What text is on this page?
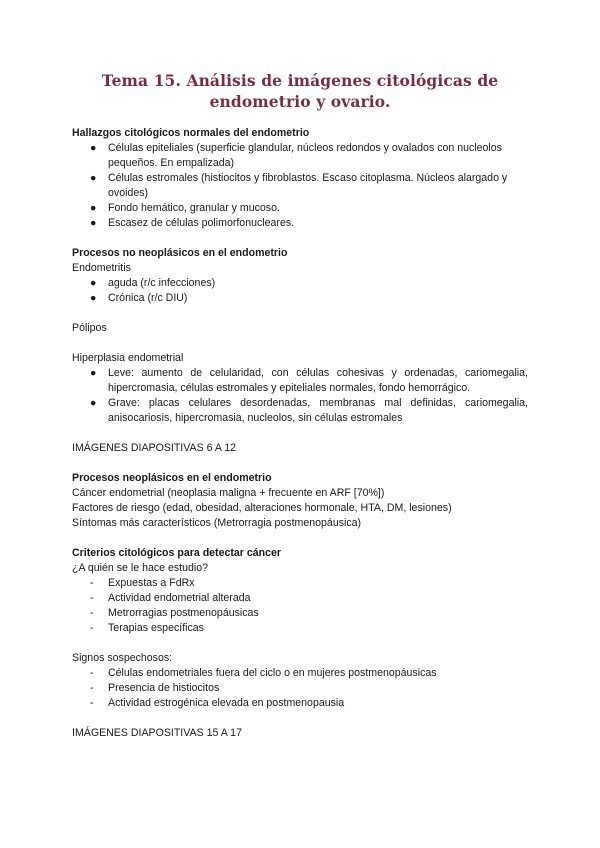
Tema 15. Análisis de imágenes citológicas de endometrio y ovario.

Hallazgos citológicos normales del endometrio

● Células epiteliales (superficie glandular, núcleos redondos y ovalados con nucleolos pequeños. En empalizada)
● Células estromales (histiocitos y fibroblastos. Escaso citoplasma. Núcleos alargado y ovoides)
● Fondo hemático, granular y mucoso.
● Escasez de células polimorfonucleares.

Procesos no neoplásicos en el endometrio

Endometritis

● aguda (r/c infecciones)
● Crónica (r/c DIU)

Pólipos

Hiperplasia endometrial

● Leve: aumento de celularidad, con células cohesivas y ordenadas, cariomegalia, hipercromasia, células estromales y epiteliales normales, fondo hemorrágico.
● Grave: placas celulares desordenadas, membranas mal definidas, cariomegalia, anisocariosis, hipercromasia, nucleolos, sin células estromales

IMÁGENES DIAPOSITIVAS 6 A 12

Procesos neoplásicos en el endometrio

Cáncer endometrial (neoplasia maligna + frecuente en ARF [70%])

Factores de riesgo (edad, obesidad, alteraciones hormonale, HTA, DM, lesiones)

Síntomas más característicos (Metrorragia postmenopáusica)

Criterios citológicos para detectar cáncer

¿A quién se le hace estudio?

- Expuestas a FdRx
- Actividad endometrial alterada
- Metrorragias postmenopáusicas
- Terapias específicas

Signos sospechosos:

- Células endometriales fuera del ciclo o en mujeres postmenopáusicas
- Presencia de histiocitos
- Actividad estrogénica elevada en postmenopausia

IMÁGENES DIAPOSITIVAS 15 A 17
